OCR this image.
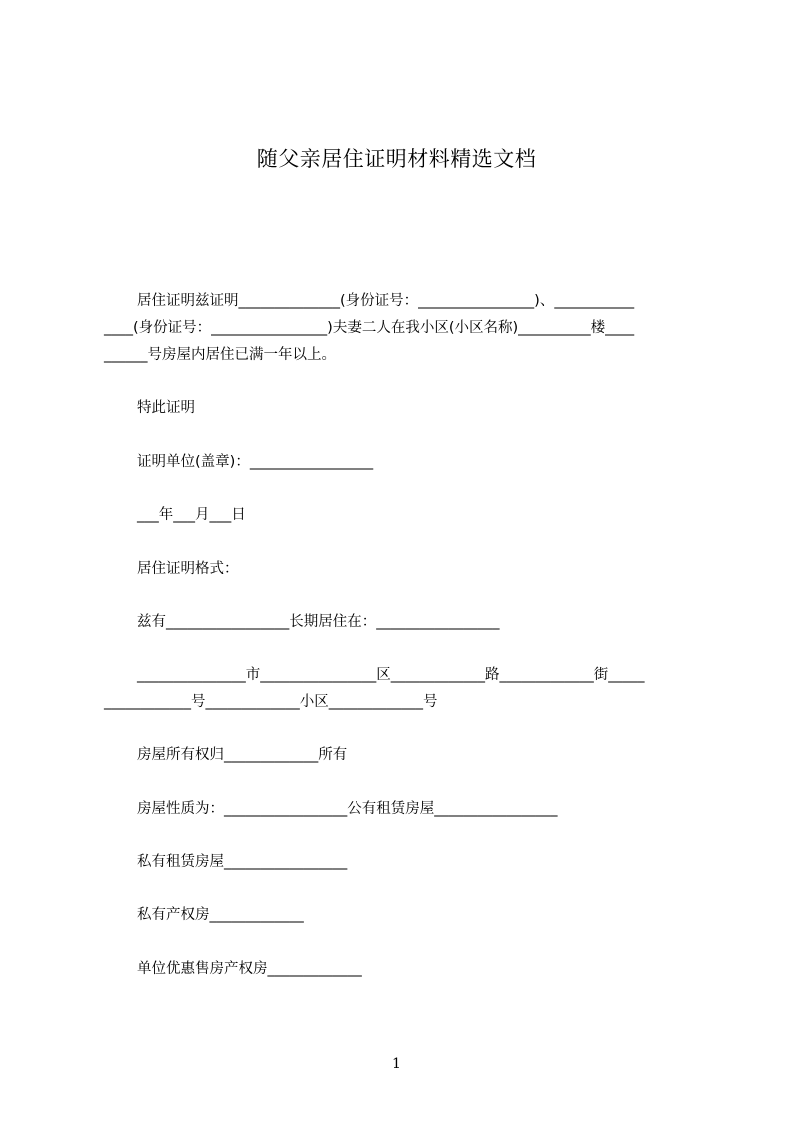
随父亲居住证明材料精选文档
居住证明兹证明______________(身份证号：________________)、___________
____(身份证号：________________)夫妻二人在我小区(小区名称)__________楼____
______号房屋内居住已满一年以上。
特此证明
证明单位(盖章)：_________________
___年___月___日
居住证明格式：
兹有_________________长期居住在：_________________
_______________市________________区_____________路_____________街_____
____________号_____________小区_____________号
房屋所有权归_____________所有
房屋性质为：_________________公有租赁房屋_________________
私有租赁房屋_________________
私有产权房_____________
单位优惠售房产权房_____________
1
